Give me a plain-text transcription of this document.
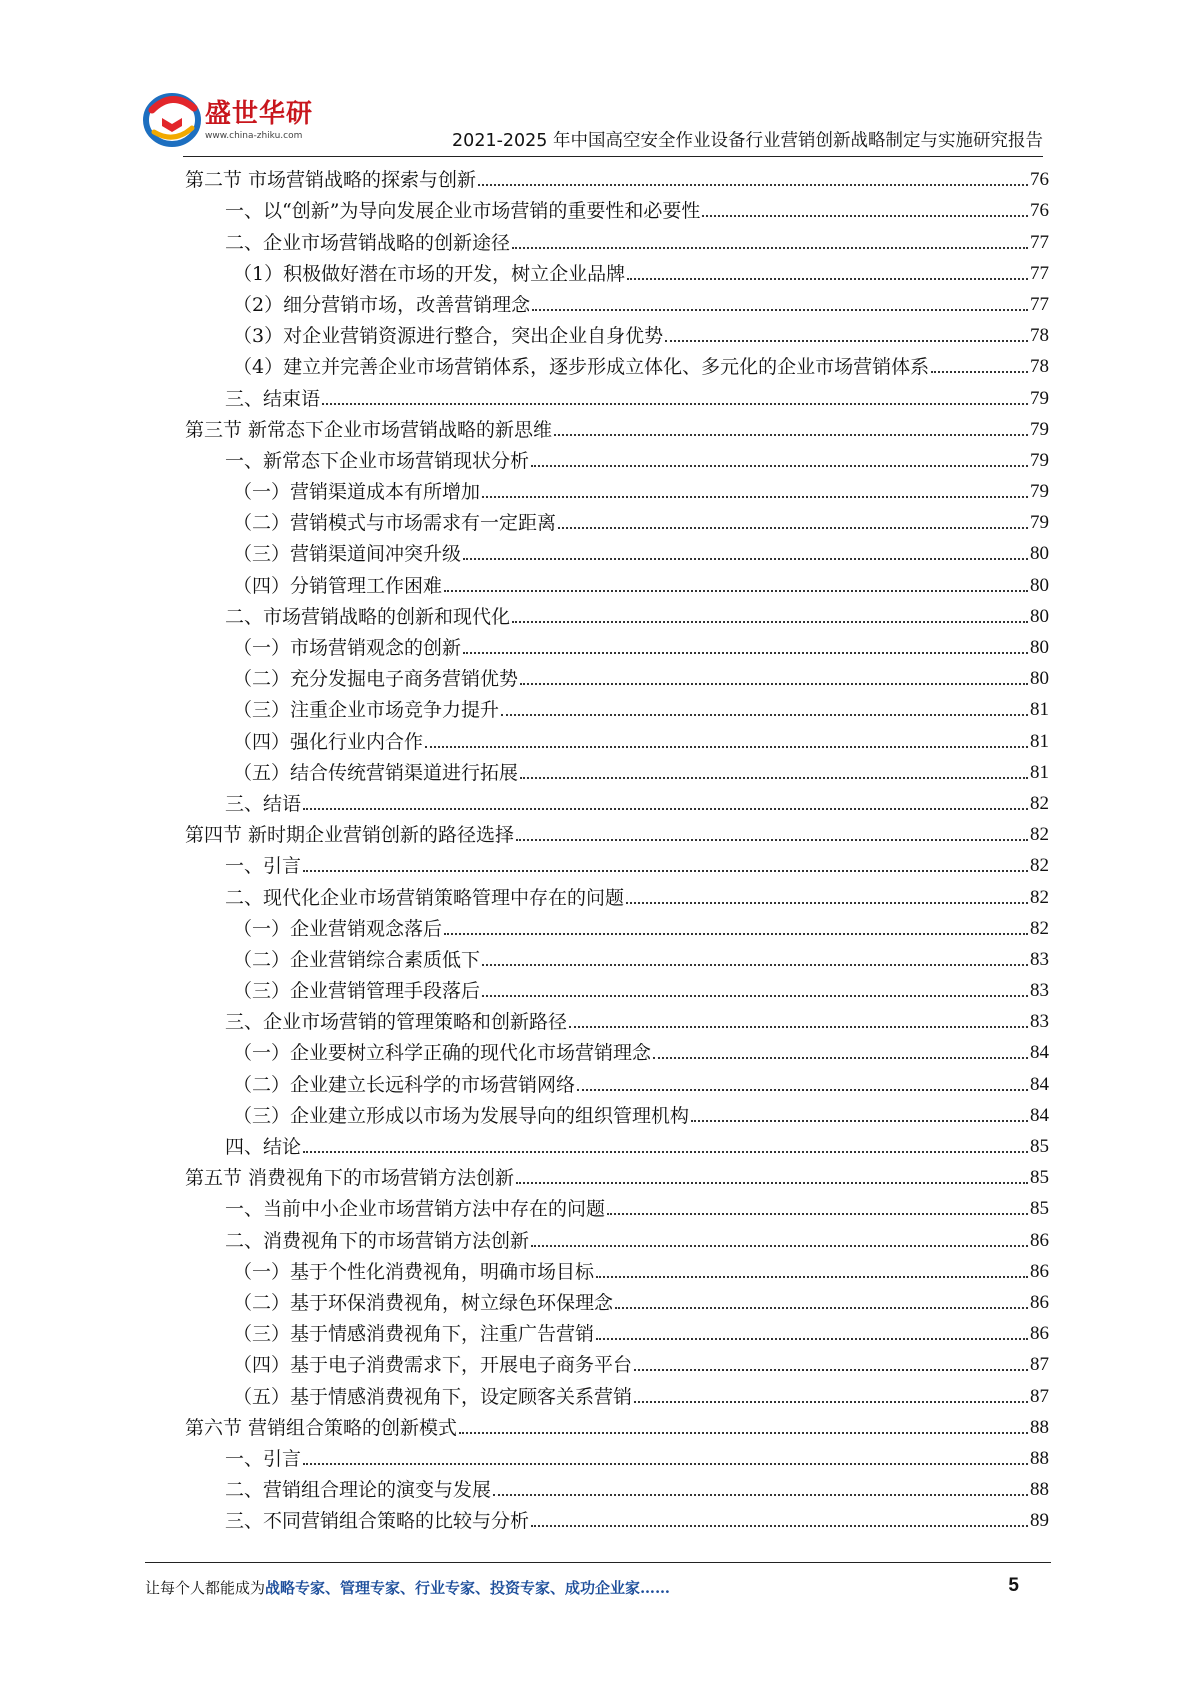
盛世华研
www.china-zhiku.com	2021-2025 年中国高空安全作业设备行业营销创新战略制定与实施研究报告
第二节 市场营销战略的探索与创新	76
一、以“创新”为导向发展企业市场营销的重要性和必要性	76
二、企业市场营销战略的创新途径	77
（1）积极做好潜在市场的开发，树立企业品牌	77
（2）细分营销市场，改善营销理念	77
（3）对企业营销资源进行整合，突出企业自身优势	78
（4）建立并完善企业市场营销体系，逐步形成立体化、多元化的企业市场营销体系	78
三、结束语	79
第三节 新常态下企业市场营销战略的新思维	79
一、新常态下企业市场营销现状分析	79
（一）营销渠道成本有所增加	79
（二）营销模式与市场需求有一定距离	79
（三）营销渠道间冲突升级	80
（四）分销管理工作困难	80
二、市场营销战略的创新和现代化	80
（一）市场营销观念的创新	80
（二）充分发掘电子商务营销优势	80
（三）注重企业市场竞争力提升	81
（四）强化行业内合作	81
（五）结合传统营销渠道进行拓展	81
三、结语	82
第四节 新时期企业营销创新的路径选择	82
一、引言	82
二、现代化企业市场营销策略管理中存在的问题	82
（一）企业营销观念落后	82
（二）企业营销综合素质低下	83
（三）企业营销管理手段落后	83
三、企业市场营销的管理策略和创新路径	83
（一）企业要树立科学正确的现代化市场营销理念	84
（二）企业建立长远科学的市场营销网络	84
（三）企业建立形成以市场为发展导向的组织管理机构	84
四、结论	85
第五节 消费视角下的市场营销方法创新	85
一、当前中小企业市场营销方法中存在的问题	85
二、消费视角下的市场营销方法创新	86
（一）基于个性化消费视角，明确市场目标	86
（二）基于环保消费视角，树立绿色环保理念	86
（三）基于情感消费视角下，注重广告营销	86
（四）基于电子消费需求下，开展电子商务平台	87
（五）基于情感消费视角下，设定顾客关系营销	87
第六节 营销组合策略的创新模式	88
一、引言	88
二、营销组合理论的演变与发展	88
三、不同营销组合策略的比较与分析	89
让每个人都能成为战略专家、管理专家、行业专家、投资专家、成功企业家……	5
